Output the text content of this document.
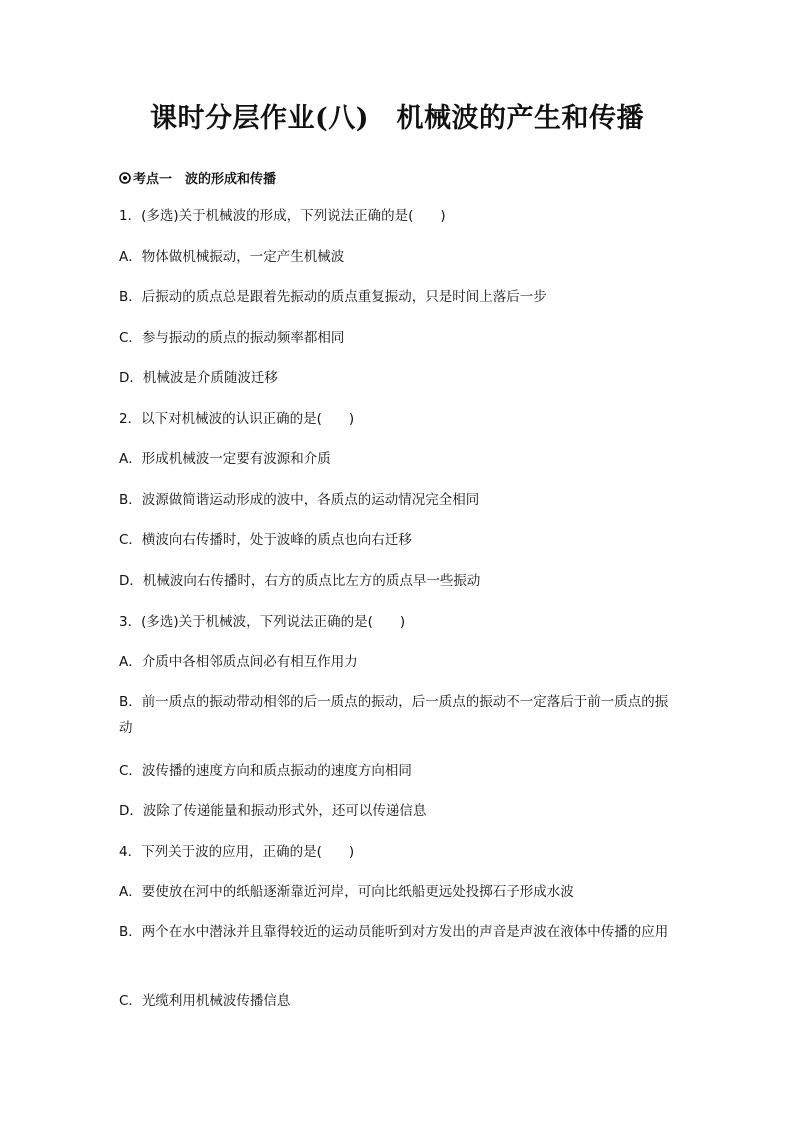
课时分层作业(八)　机械波的产生和传播
考点一　波的形成和传播
1．(多选)关于机械波的形成，下列说法正确的是(　　)
A．物体做机械振动，一定产生机械波
B．后振动的质点总是跟着先振动的质点重复振动，只是时间上落后一步
C．参与振动的质点的振动频率都相同
D．机械波是介质随波迁移
2．以下对机械波的认识正确的是(　　)
A．形成机械波一定要有波源和介质
B．波源做简谐运动形成的波中，各质点的运动情况完全相同
C．横波向右传播时，处于波峰的质点也向右迁移
D．机械波向右传播时，右方的质点比左方的质点早一些振动
3．(多选)关于机械波，下列说法正确的是(　　)
A．介质中各相邻质点间必有相互作用力
B．前一质点的振动带动相邻的后一质点的振动，后一质点的振动不一定落后于前一质点的振动
C．波传播的速度方向和质点振动的速度方向相同
D．波除了传递能量和振动形式外，还可以传递信息
4．下列关于波的应用，正确的是(　　)
A．要使放在河中的纸船逐渐靠近河岸，可向比纸船更远处投掷石子形成水波
B．两个在水中潜泳并且靠得较近的运动员能听到对方发出的声音是声波在液体中传播的应用
C．光缆利用机械波传播信息
